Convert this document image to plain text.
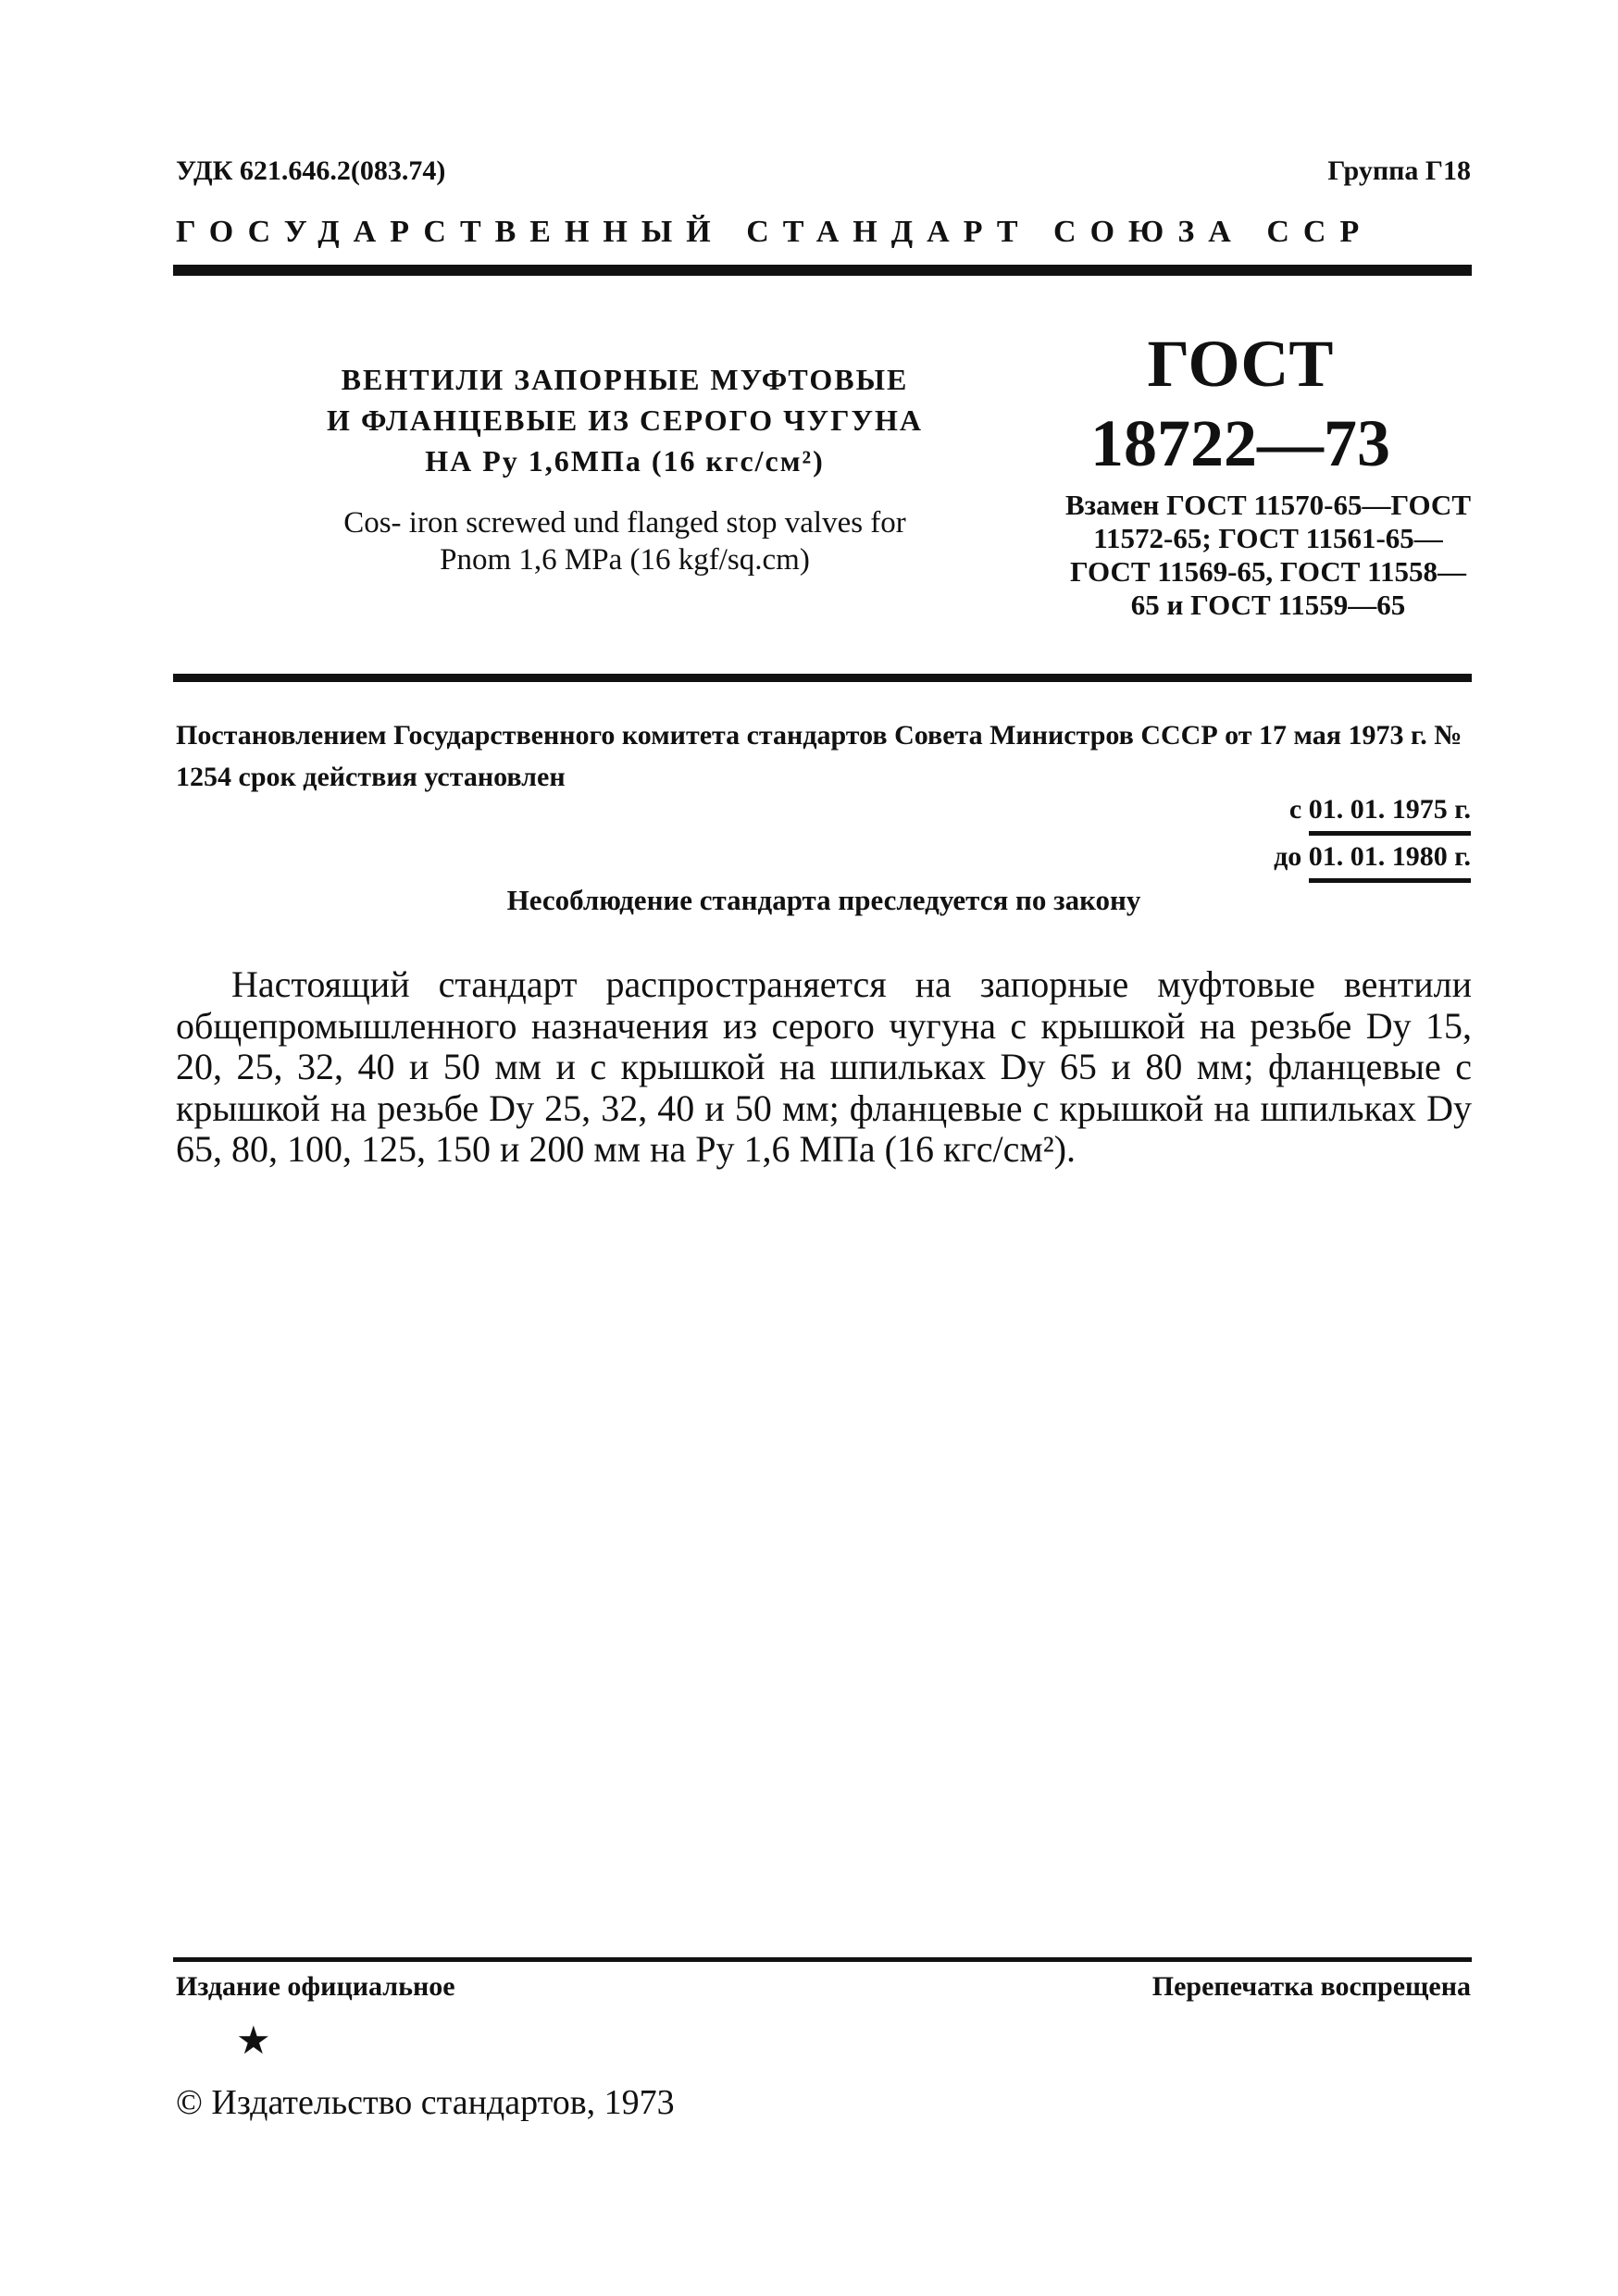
УДК 621.646.2(083.74)	Группа Г18
ГОСУДАРСТВЕННЫЙ СТАНДАРТ СОЮЗА ССР
ВЕНТИЛИ ЗАПОРНЫЕ МУФТОВЫЕ
И ФЛАНЦЕВЫЕ ИЗ СЕРОГО ЧУГУНА
НА Pу 1,6МПа (16 кгс/см²)
Cos- iron screwed und flanged stop valves for
Pnom 1,6 MPa (16 kgf/sq.cm)
ГОСТ
18722—73
Взамен ГОСТ 11570-65—ГОСТ 11572-65; ГОСТ 11561-65—ГОСТ 11569-65, ГОСТ 11558—65 и ГОСТ 11559—65
Постановлением Государственного комитета стандартов Совета Министров СССР от 17 мая 1973 г. № 1254 срок действия установлен
с 01. 01. 1975 г.
до 01. 01. 1980 г.
Несоблюдение стандарта преследуется по закону
Настоящий стандарт распространяется на запорные муфтовые вентили общепромышленного назначения из серого чугуна с крышкой на резьбе Dу 15, 20, 25, 32, 40 и 50 мм и с крышкой на шпильках Dу 65 и 80 мм; фланцевые с крышкой на резьбе Dу 25, 32, 40 и 50 мм; фланцевые с крышкой на шпильках Dу 65, 80, 100, 125, 150 и 200 мм на Pу 1,6 МПа (16 кгс/см²).
Издание официальное	Перепечатка воспрещена
★
© Издательство стандартов, 1973
